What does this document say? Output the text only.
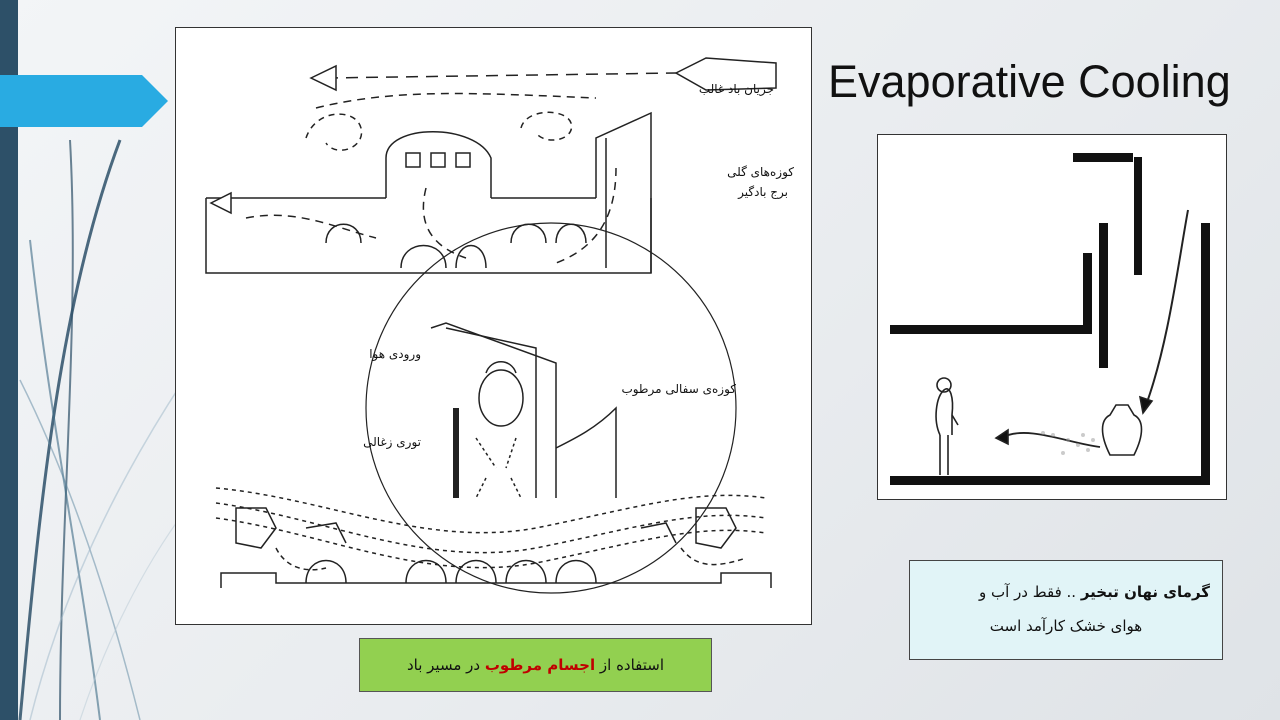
Evaporative Cooling
جریان باد غالب
کوزه‌های گلی
برج بادگیر
ورودی هوا
کوزه‌ی سفالی مرطوب
توری زغالی
گرمای نهان تبخیر .. فقط در آب و
هوای خشک کارآمد است
استفاده از اجسام مرطوب در مسیر باد
